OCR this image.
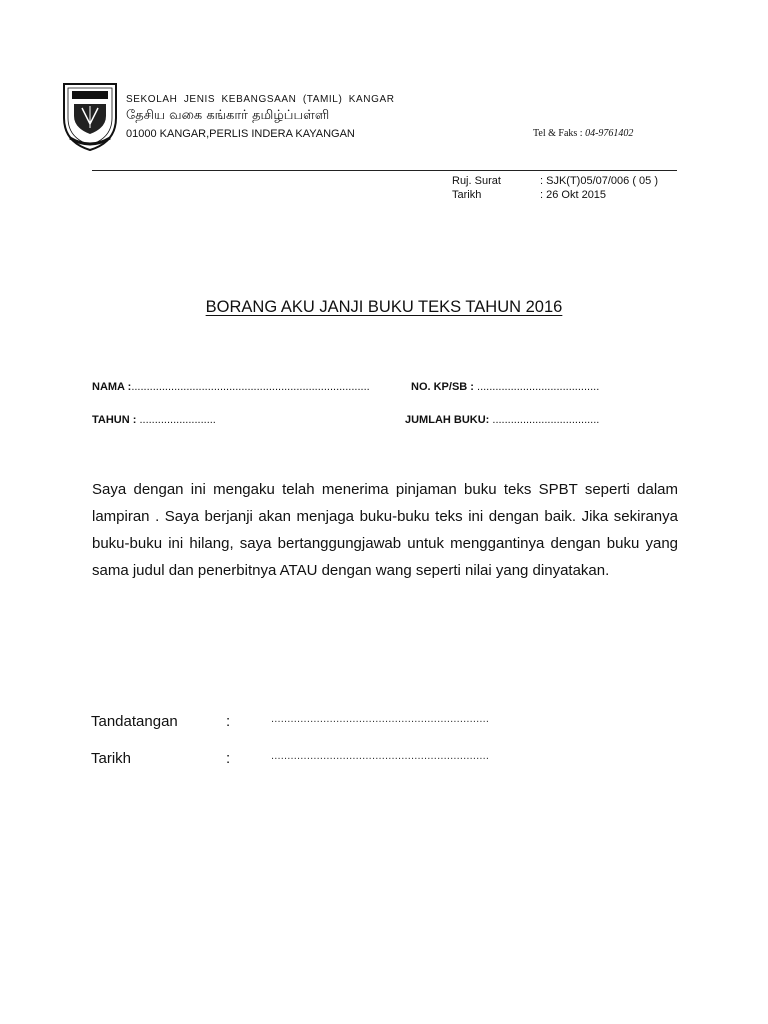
SEKOLAH JENIS KEBANGSAAN (TAMIL) KANGAR
தேசிய வகை கங்கார் தமிழ்ப்பள்ளி
01000 KANGAR,PERLIS INDERA KAYANGAN	Tel & Faks : 04-9761402
Ruj. Surat	: SJK(T)05/07/006 ( 05 )
Tarikh	: 26 Okt 2015
BORANG AKU JANJI BUKU TEKS TAHUN 2016
NAMA :..............................................................................	NO. KP/SB : ........................................
TAHUN : .........................	JUMLAH BUKU: ...................................
Saya dengan ini mengaku telah menerima pinjaman buku teks SPBT seperti dalam lampiran . Saya berjanji akan menjaga buku-buku teks ini dengan baik. Jika sekiranya buku-buku ini hilang, saya bertanggungjawab untuk menggantinya dengan buku yang sama judul dan penerbitnya ATAU dengan wang seperti nilai yang dinyatakan.
Tandatangan	:	...................................................................
Tarikh	:	...................................................................
